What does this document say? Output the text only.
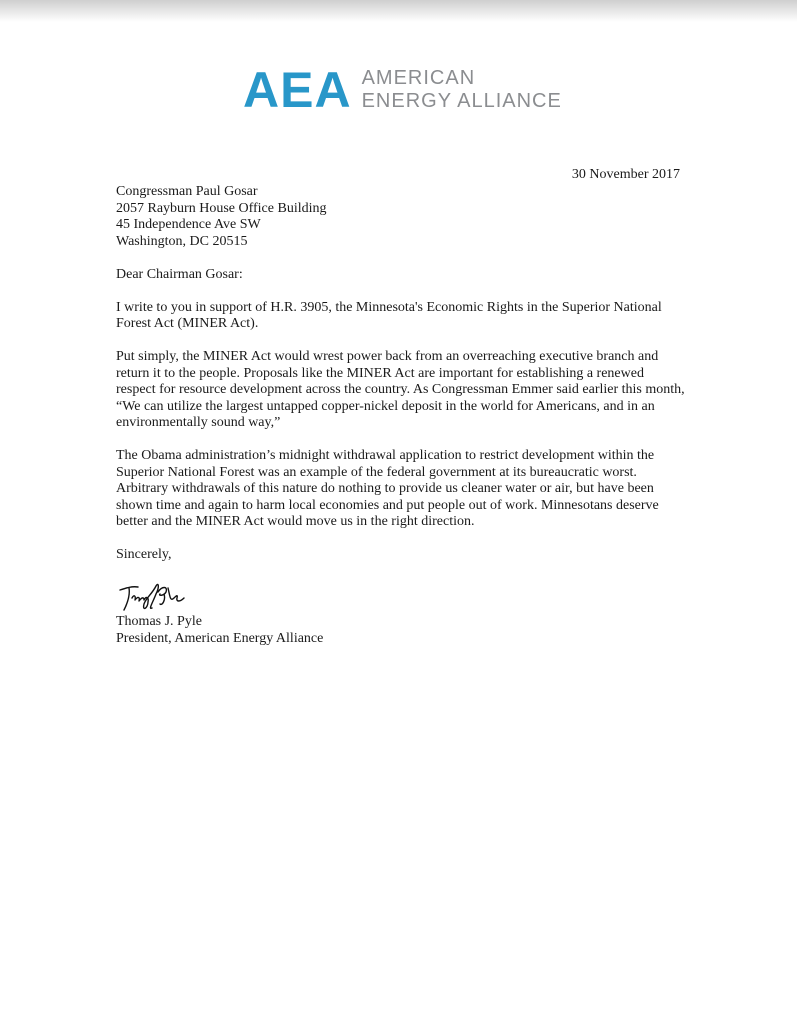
AEA AMERICAN
ENERGY ALLIANCE
30 November 2017

Congressman Paul Gosar
2057 Rayburn House Office Building
45 Independence Ave SW
Washington, DC 20515

Dear Chairman Gosar:

I write to you in support of H.R. 3905, the Minnesota's Economic Rights in the Superior National Forest Act (MINER Act).

Put simply, the MINER Act would wrest power back from an overreaching executive branch and return it to the people. Proposals like the MINER Act are important for establishing a renewed respect for resource development across the country. As Congressman Emmer said earlier this month, “We can utilize the largest untapped copper-nickel deposit in the world for Americans, and in an environmentally sound way,”

The Obama administration’s midnight withdrawal application to restrict development within the Superior National Forest was an example of the federal government at its bureaucratic worst. Arbitrary withdrawals of this nature do nothing to provide us cleaner water or air, but have been shown time and again to harm local economies and put people out of work. Minnesotans deserve better and the MINER Act would move us in the right direction.

Sincerely,

Thomas J. Pyle
President, American Energy Alliance
